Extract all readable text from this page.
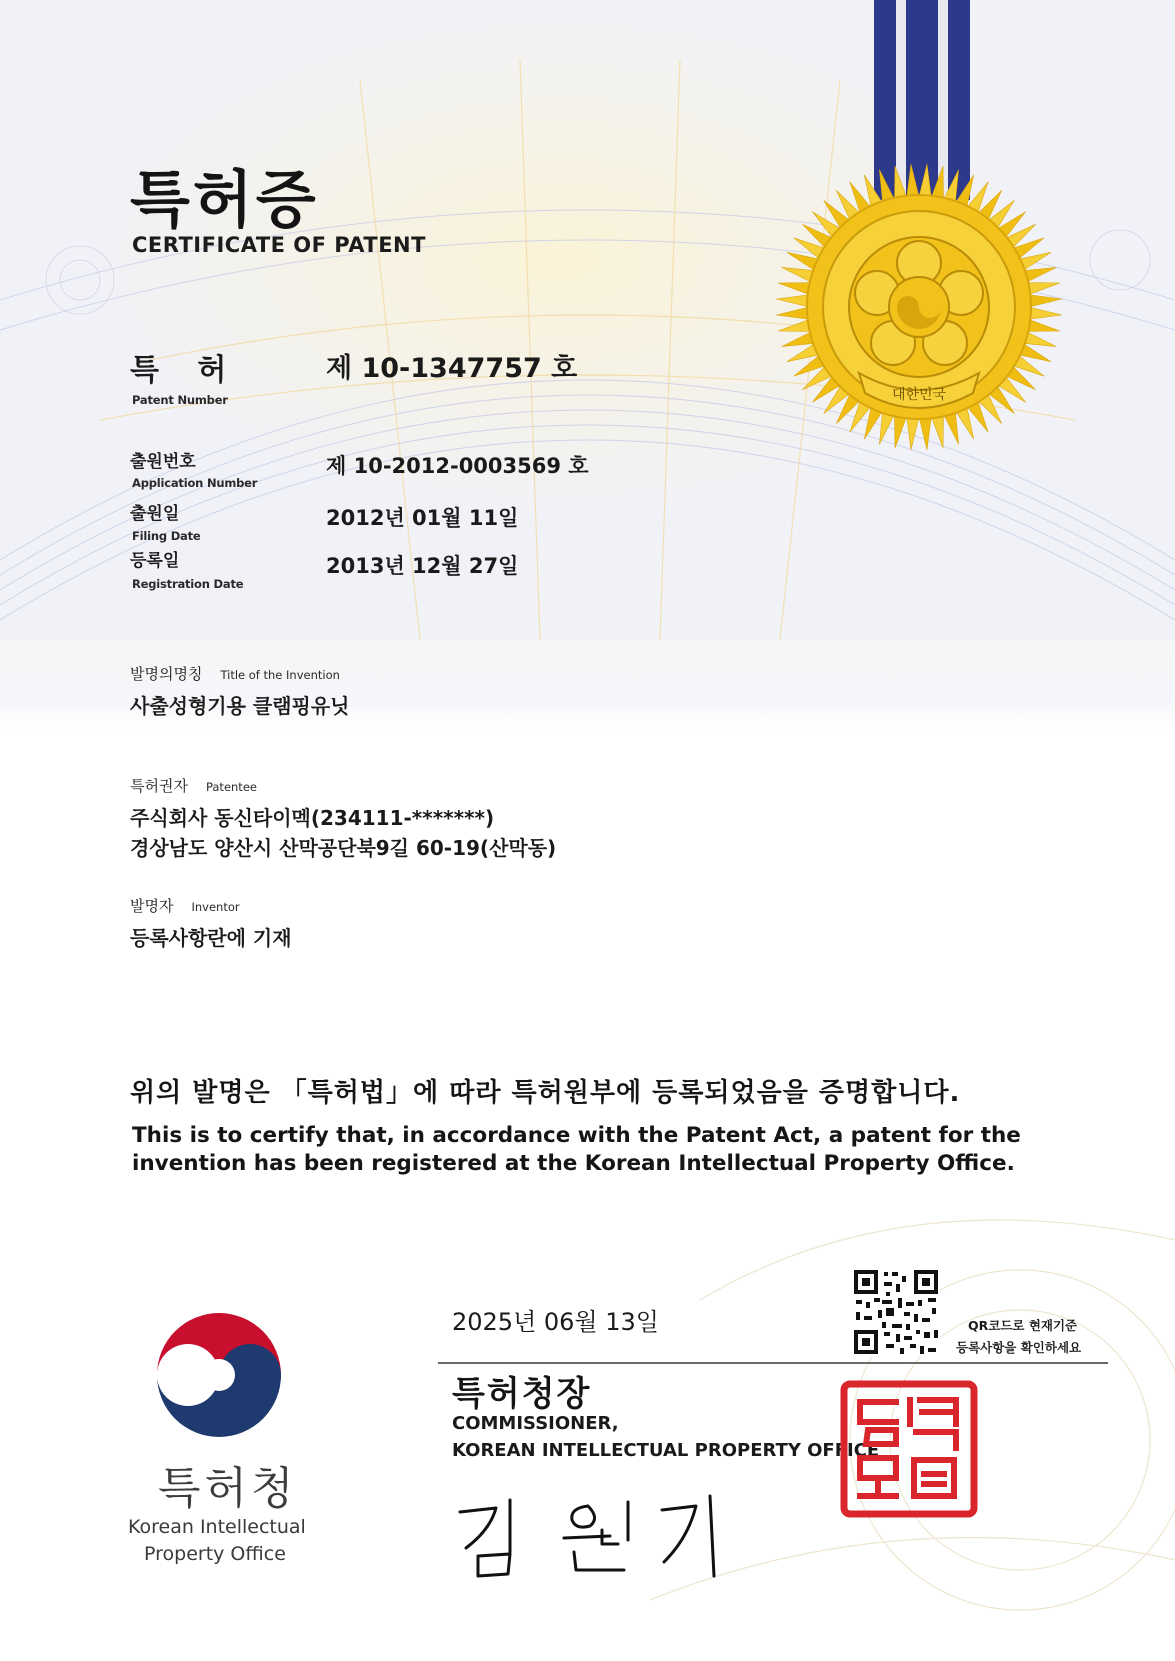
대한민국
특허증
CERTIFICATE OF PATENT
특 허
Patent Number
제 10-1347757 호
출원번호
Application Number
제 10-2012-0003569 호
출원일
Filing Date
2012년 01월 11일
등록일
Registration Date
2013년 12월 27일
발명의명칭 Title of the Invention
사출성형기용 클램핑유닛
특허권자 Patentee
주식회사 동신타이멕(234111-*******)
경상남도 양산시 산막공단북9길 60-19(산막동)
발명자 Inventor
등록사항란에 기재
위의 발명은 「특허법」에 따라 특허원부에 등록되었음을 증명합니다.
This is to certify that, in accordance with the Patent Act, a patent for the invention has been registered at the Korean Intellectual Property Office.
2025년 06월 13일	QR코드로 현재기준
등록사항을 확인하세요
특허청장
COMMISSIONER,
KOREAN INTELLECTUAL PROPERTY OFFICE
특허청
Korean Intellectual
Property Office
